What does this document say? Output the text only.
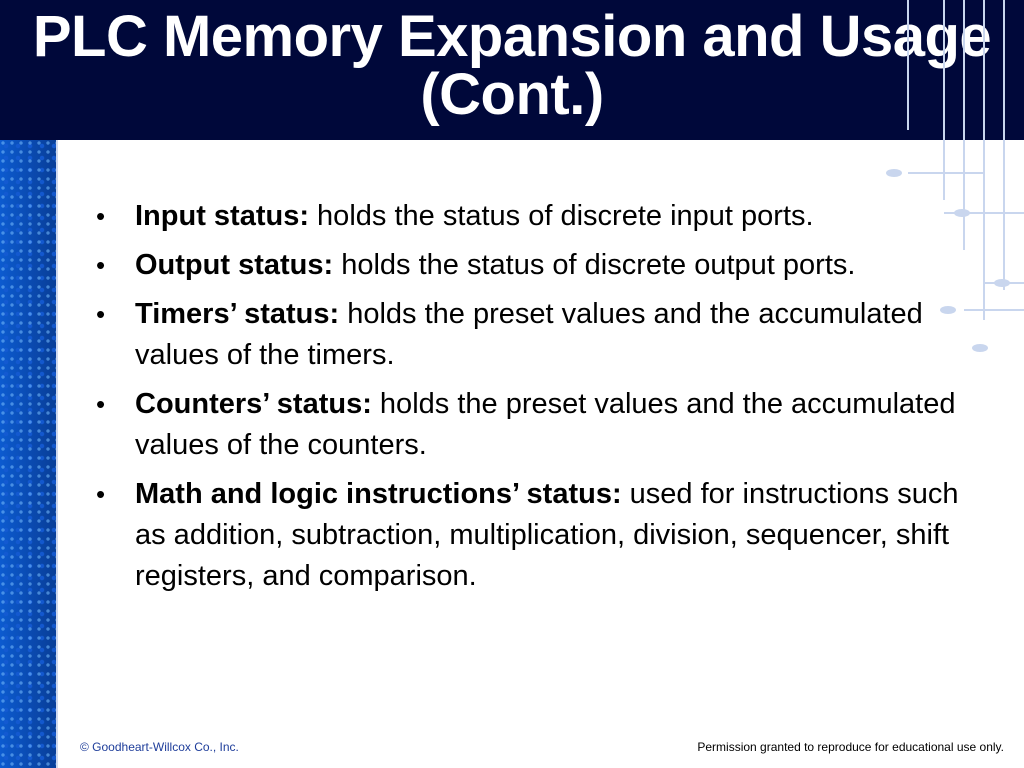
PLC Memory Expansion and Usage (Cont.)
• Input status: holds the status of discrete input ports.
• Output status: holds the status of discrete output ports.
• Timers’ status: holds the preset values and the accumulated values of the timers.
• Counters’ status: holds the preset values and the accumulated values of the counters.
• Math and logic instructions’ status: used for instructions such as addition, subtraction, multiplication, division, sequencer, shift registers, and comparison.
© Goodheart-Willcox Co., Inc.	Permission granted to reproduce for educational use only.
